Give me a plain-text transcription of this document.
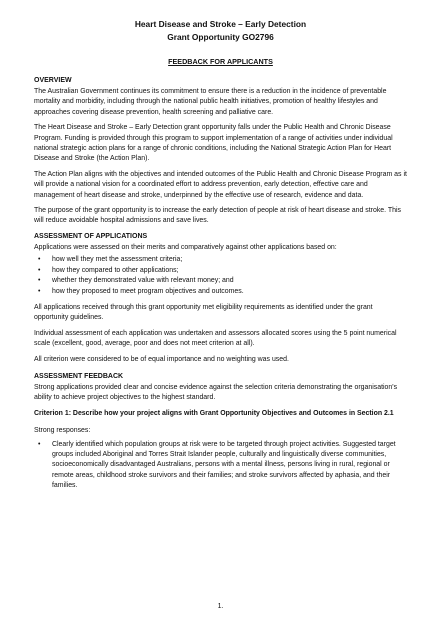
Heart Disease and Stroke – Early Detection
Grant Opportunity GO2796
FEEDBACK FOR APPLICANTS
OVERVIEW

The Australian Government continues its commitment to ensure there is a reduction in the incidence of preventable mortality and morbidity, including through the national public health initiatives, promotion of healthy lifestyles and approaches covering disease prevention, health screening and palliative care.

The Heart Disease and Stroke – Early Detection grant opportunity falls under the Public Health and Chronic Disease Program. Funding is provided through this program to support implementation of a range of activities under individual national strategic action plans for a range of chronic conditions, including the National Strategic Action Plan for Heart Disease and Stroke (the Action Plan).

The Action Plan aligns with the objectives and intended outcomes of the Public Health and Chronic Disease Program as it will provide a national vision for a coordinated effort to address prevention, early detection, effective care and management of heart disease and stroke, underpinned by the effective use of research, evidence and data.

The purpose of the grant opportunity is to increase the early detection of people at risk of heart disease and stroke. This will reduce avoidable hospital admissions and save lives.

ASSESSMENT OF APPLICATIONS

Applications were assessed on their merits and comparatively against other applications based on:

• how well they met the assessment criteria;
• how they compared to other applications;
• whether they demonstrated value with relevant money; and
• how they proposed to meet program objectives and outcomes.

All applications received through this grant opportunity met eligibility requirements as identified under the grant opportunity guidelines.

Individual assessment of each application was undertaken and assessors allocated scores using the 5 point numerical scale (excellent, good, average, poor and does not meet criterion at all).

All criterion were considered to be of equal importance and no weighting was used.

ASSESSMENT FEEDBACK

Strong applications provided clear and concise evidence against the selection criteria demonstrating the organisation's ability to achieve project objectives to the highest standard.

Criterion 1: Describe how your project aligns with Grant Opportunity Objectives and Outcomes in Section 2.1

Strong responses:

• Clearly identified which population groups at risk were to be targeted through project activities. Suggested target groups included Aboriginal and Torres Strait Islander people, culturally and linguistically diverse communities, socioeconomically disadvantaged Australians, persons with a mental illness, persons living in rural, regional or remote areas, childhood stroke survivors and their families; and stroke survivors affected by aphasia, and their families.
1.
